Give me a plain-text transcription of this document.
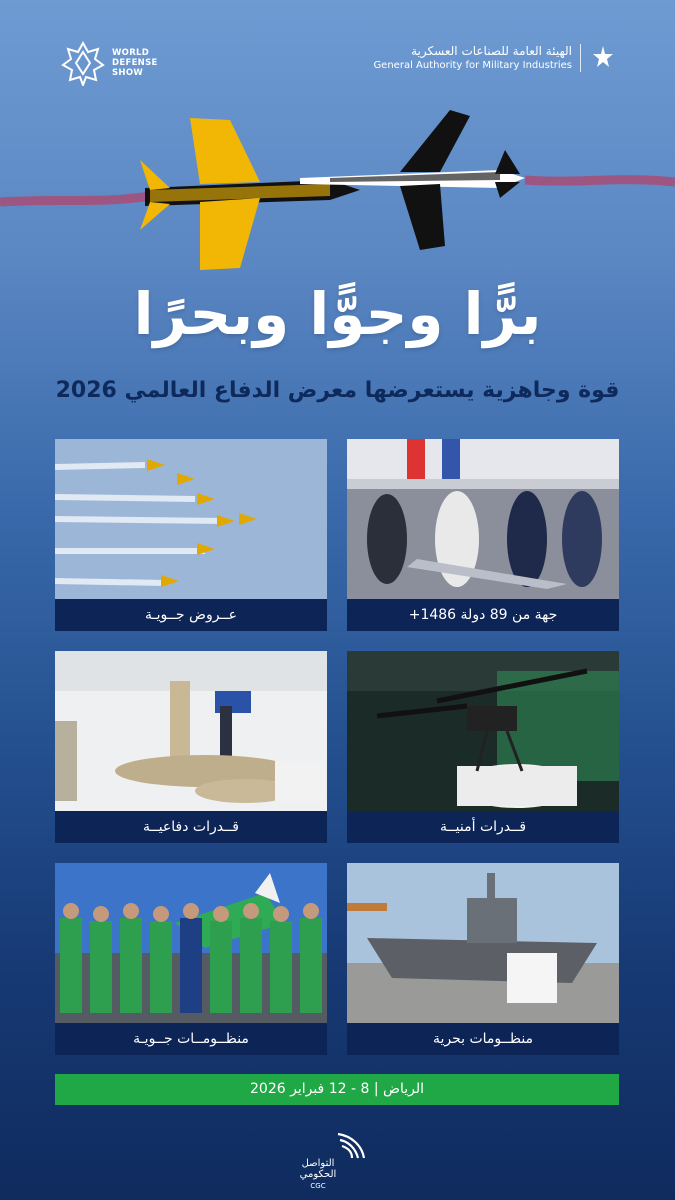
WORLD
DEFENSE
SHOW
الهيئة العامة للصناعات العسكرية
General Authority for Military Industries
برًّا وجوًّا وبحرًا
قوة وجاهزية يستعرضها معرض الدفاع العالمي 2026
+1486 جهة من 89 دولة
عــروض جــويـة
قــدرات أمنيــة
قــدرات دفاعيــة
منظــومات بحرية
منظــومــات جــويـة
الرياض | 8 - 12 فبراير 2026
التواصل
الحكومي
CGC
